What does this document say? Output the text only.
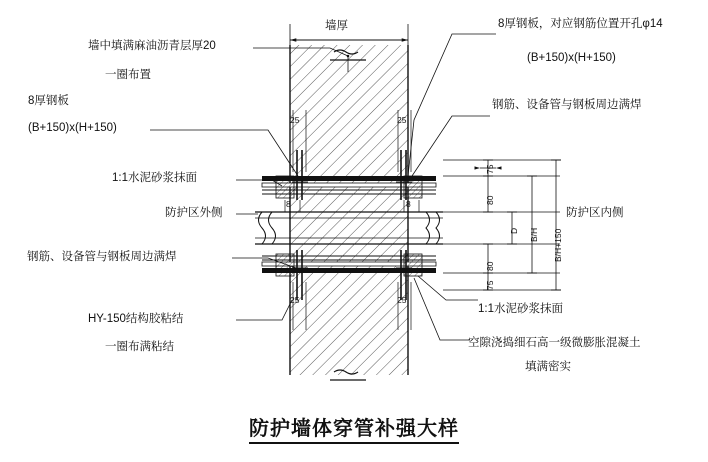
墙厚
墙中填满麻油沥青层厚20
一圈布置
8厚钢板
(B+150)x(H+150)
1:1水泥砂浆抹面
防护区外侧
钢筋、设备管与钢板周边满焊
HY-150结构胶粘结
一圈布满粘结
8厚钢板，对应钢筋位置开孔φ14
(B+150)x(H+150)
钢筋、设备管与钢板周边满焊
防护区内侧
1:1水泥砂浆抹面
空隙浇捣细石高一级微膨胀混凝土
填满密实
25	25
25	25
8	8
75
80
80
75
D B/H B/H+150
防护墙体穿管补强大样
